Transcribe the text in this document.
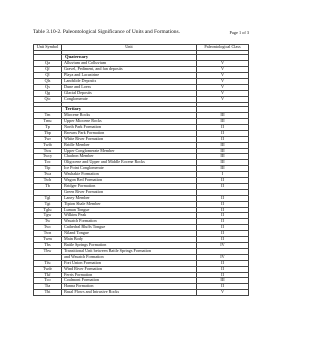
Table 3.10-2. Paleontological Significance of Units and Formations.	Page 1 of 3
Unit Symbol	Unit	Paleontological Class

	Quaternary	
Qa	Alluvium and Colluvium	V
Qf	Gravel, Pediment, and fan deposits	V
Ql	Playa and Lacustrine	V
Qls	Landslide Deposits	V
Qs	Dune and Loess	V
Qg	Glacial Deposits	V
Qtc	Conglomerate	V

	Tertiary	
Tm	Miocene Rocks	III
Tmu	Upper Miocene Rocks	III
Tp	North Park Formation	II
Tbp	Browns Park Formation	II
Twr	White River Formation	II
Twib	Bridle Member	III
Twu	Upper Conglomerate Member	III
Twcy	Chadron Member	III
Toc	Oligocene and Upper and Middle Eocene Rocks	III
Tip	Ice Point Conglomerate	III
Twa	Washakie Formation	I
Twb	Wagon Bed Formation	II
Tb	Bridger Formation	II
	Green River Formation	
Tgl	Laney Member	II
Tgt	Tipton Shale Member	II
Tglu	Luman Tongue	II
Tgw	Wilkins Peak	II
Tw	Wasatch Formation	II
Twc	Cathedral Bluffs Tongue	II
Twn	Niland Tongue	II
Twm	Main Body	II
Tbs	Battle Springs Formation	IV
Tbw	Transitional Unit between Battle Springs Formation	
	and Wasatch Formation	IV
Tfu	Fort Union Formation	II
Twdr	Wind River Formation	II
Tkf	Ferris Formation	II
Tco	Coalmont Formation	III
Tta	Hanna Formation	II
Tbi	Basal Flows and Intrusive Rocks	V
